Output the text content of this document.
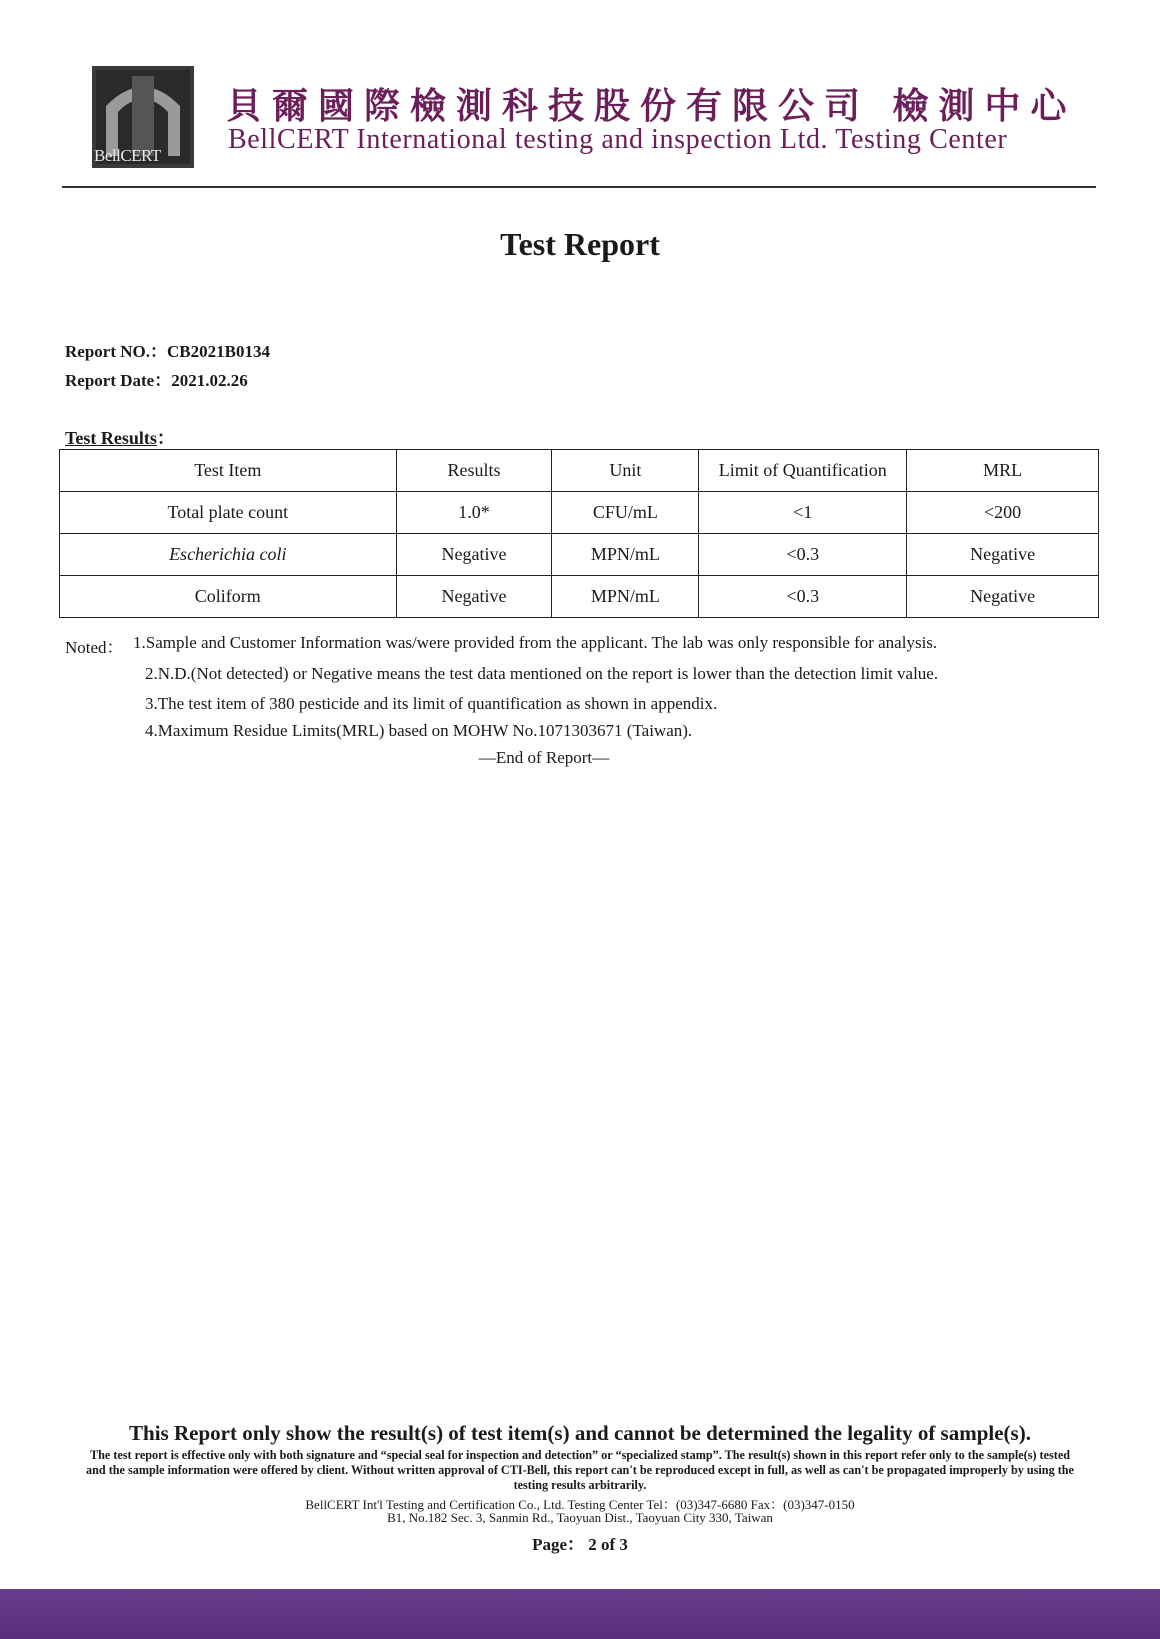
BellCERT
貝爾國際檢測科技股份有限公司 檢測中心
BellCERT International testing and inspection Ltd. Testing Center
Test Report
Report NO.：CB2021B0134
Report Date：2021.02.26
Test Results：
Test Item	Results	Unit	Limit of Quantification	MRL
Total plate count	1.0*	CFU/mL	<1	<200
Escherichia coli	Negative	MPN/mL	<0.3	Negative
Coliform	Negative	MPN/mL	<0.3	Negative
Noted： 1.Sample and Customer Information was/were provided from the applicant. The lab was only responsible for analysis.
2.N.D.(Not detected) or Negative means the test data mentioned on the report is lower than the detection limit value.
3.The test item of 380 pesticide and its limit of quantification as shown in appendix.
4.Maximum Residue Limits(MRL) based on MOHW No.1071303671 (Taiwan).
—End of Report—
This Report only show the result(s) of test item(s) and cannot be determined the legality of sample(s).
The test report is effective only with both signature and “special seal for inspection and detection” or “specialized stamp”. The result(s) shown in this report refer only to the sample(s) tested and the sample information were offered by client. Without written approval of CTI-Bell, this report can't be reproduced except in full, as well as can't be propagated improperly by using the testing results arbitrarily.
BellCERT Int'l Testing and Certification Co., Ltd. Testing Center Tel：(03)347-6680 Fax：(03)347-0150
B1, No.182 Sec. 3, Sanmin Rd., Taoyuan Dist., Taoyuan City 330, Taiwan
Page： 2 of 3
